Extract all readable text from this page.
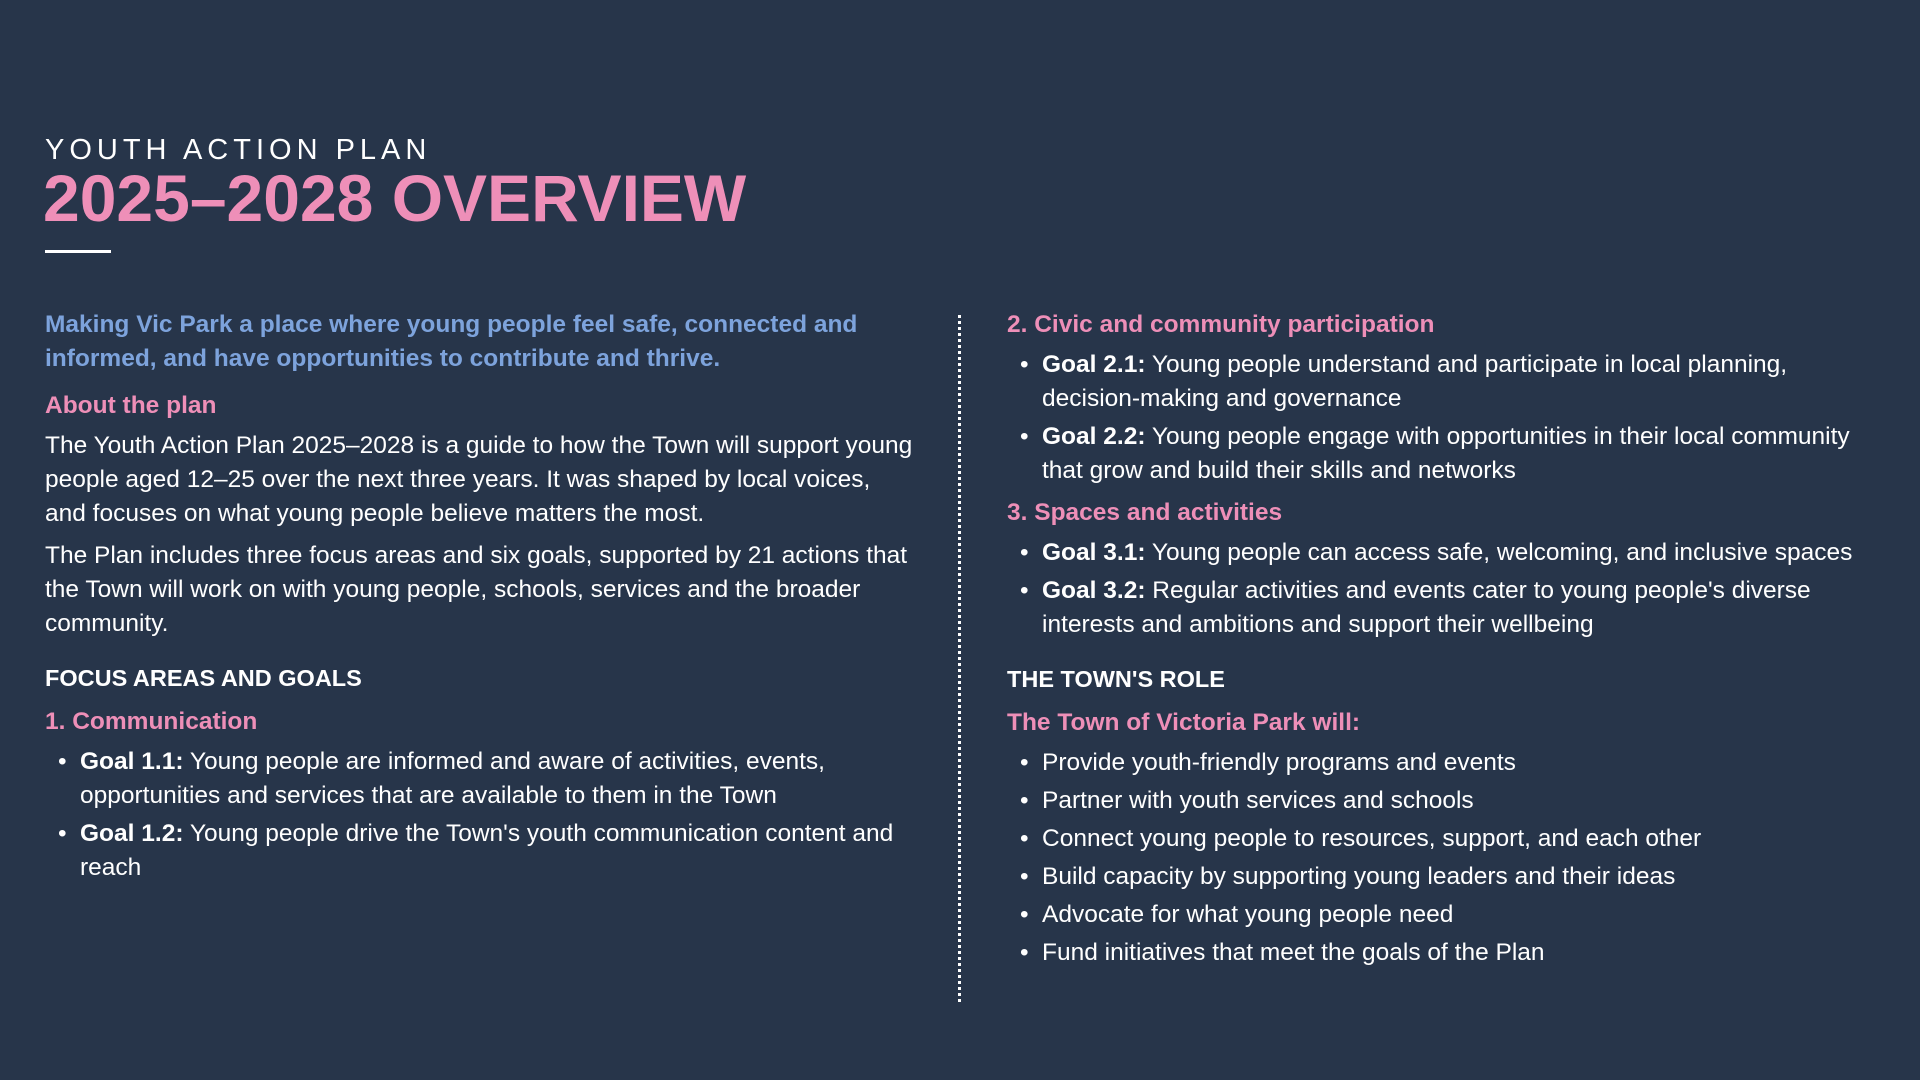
YOUTH ACTION PLAN
2025–2028 OVERVIEW
Making Vic Park a place where young people feel safe, connected and informed, and have opportunities to contribute and thrive.
About the plan

The Youth Action Plan 2025–2028 is a guide to how the Town will support young people aged 12–25 over the next three years. It was shaped by local voices, and focuses on what young people believe matters the most.

The Plan includes three focus areas and six goals, supported by 21 actions that the Town will work on with young people, schools, services and the broader community.

FOCUS AREAS AND GOALS
1. Communication
• Goal 1.1: Young people are informed and aware of activities, events, opportunities and services that are available to them in the Town
• Goal 1.2: Young people drive the Town's youth communication content and reach
2. Civic and community participation
• Goal 2.1: Young people understand and participate in local planning, decision-making and governance
• Goal 2.2: Young people engage with opportunities in their local community that grow and build their skills and networks
3. Spaces and activities
• Goal 3.1: Young people can access safe, welcoming, and inclusive spaces
• Goal 3.2: Regular activities and events cater to young people's diverse interests and ambitions and support their wellbeing
THE TOWN'S ROLE
The Town of Victoria Park will:
• Provide youth-friendly programs and events
• Partner with youth services and schools
• Connect young people to resources, support, and each other
• Build capacity by supporting young leaders and their ideas
• Advocate for what young people need
• Fund initiatives that meet the goals of the Plan
